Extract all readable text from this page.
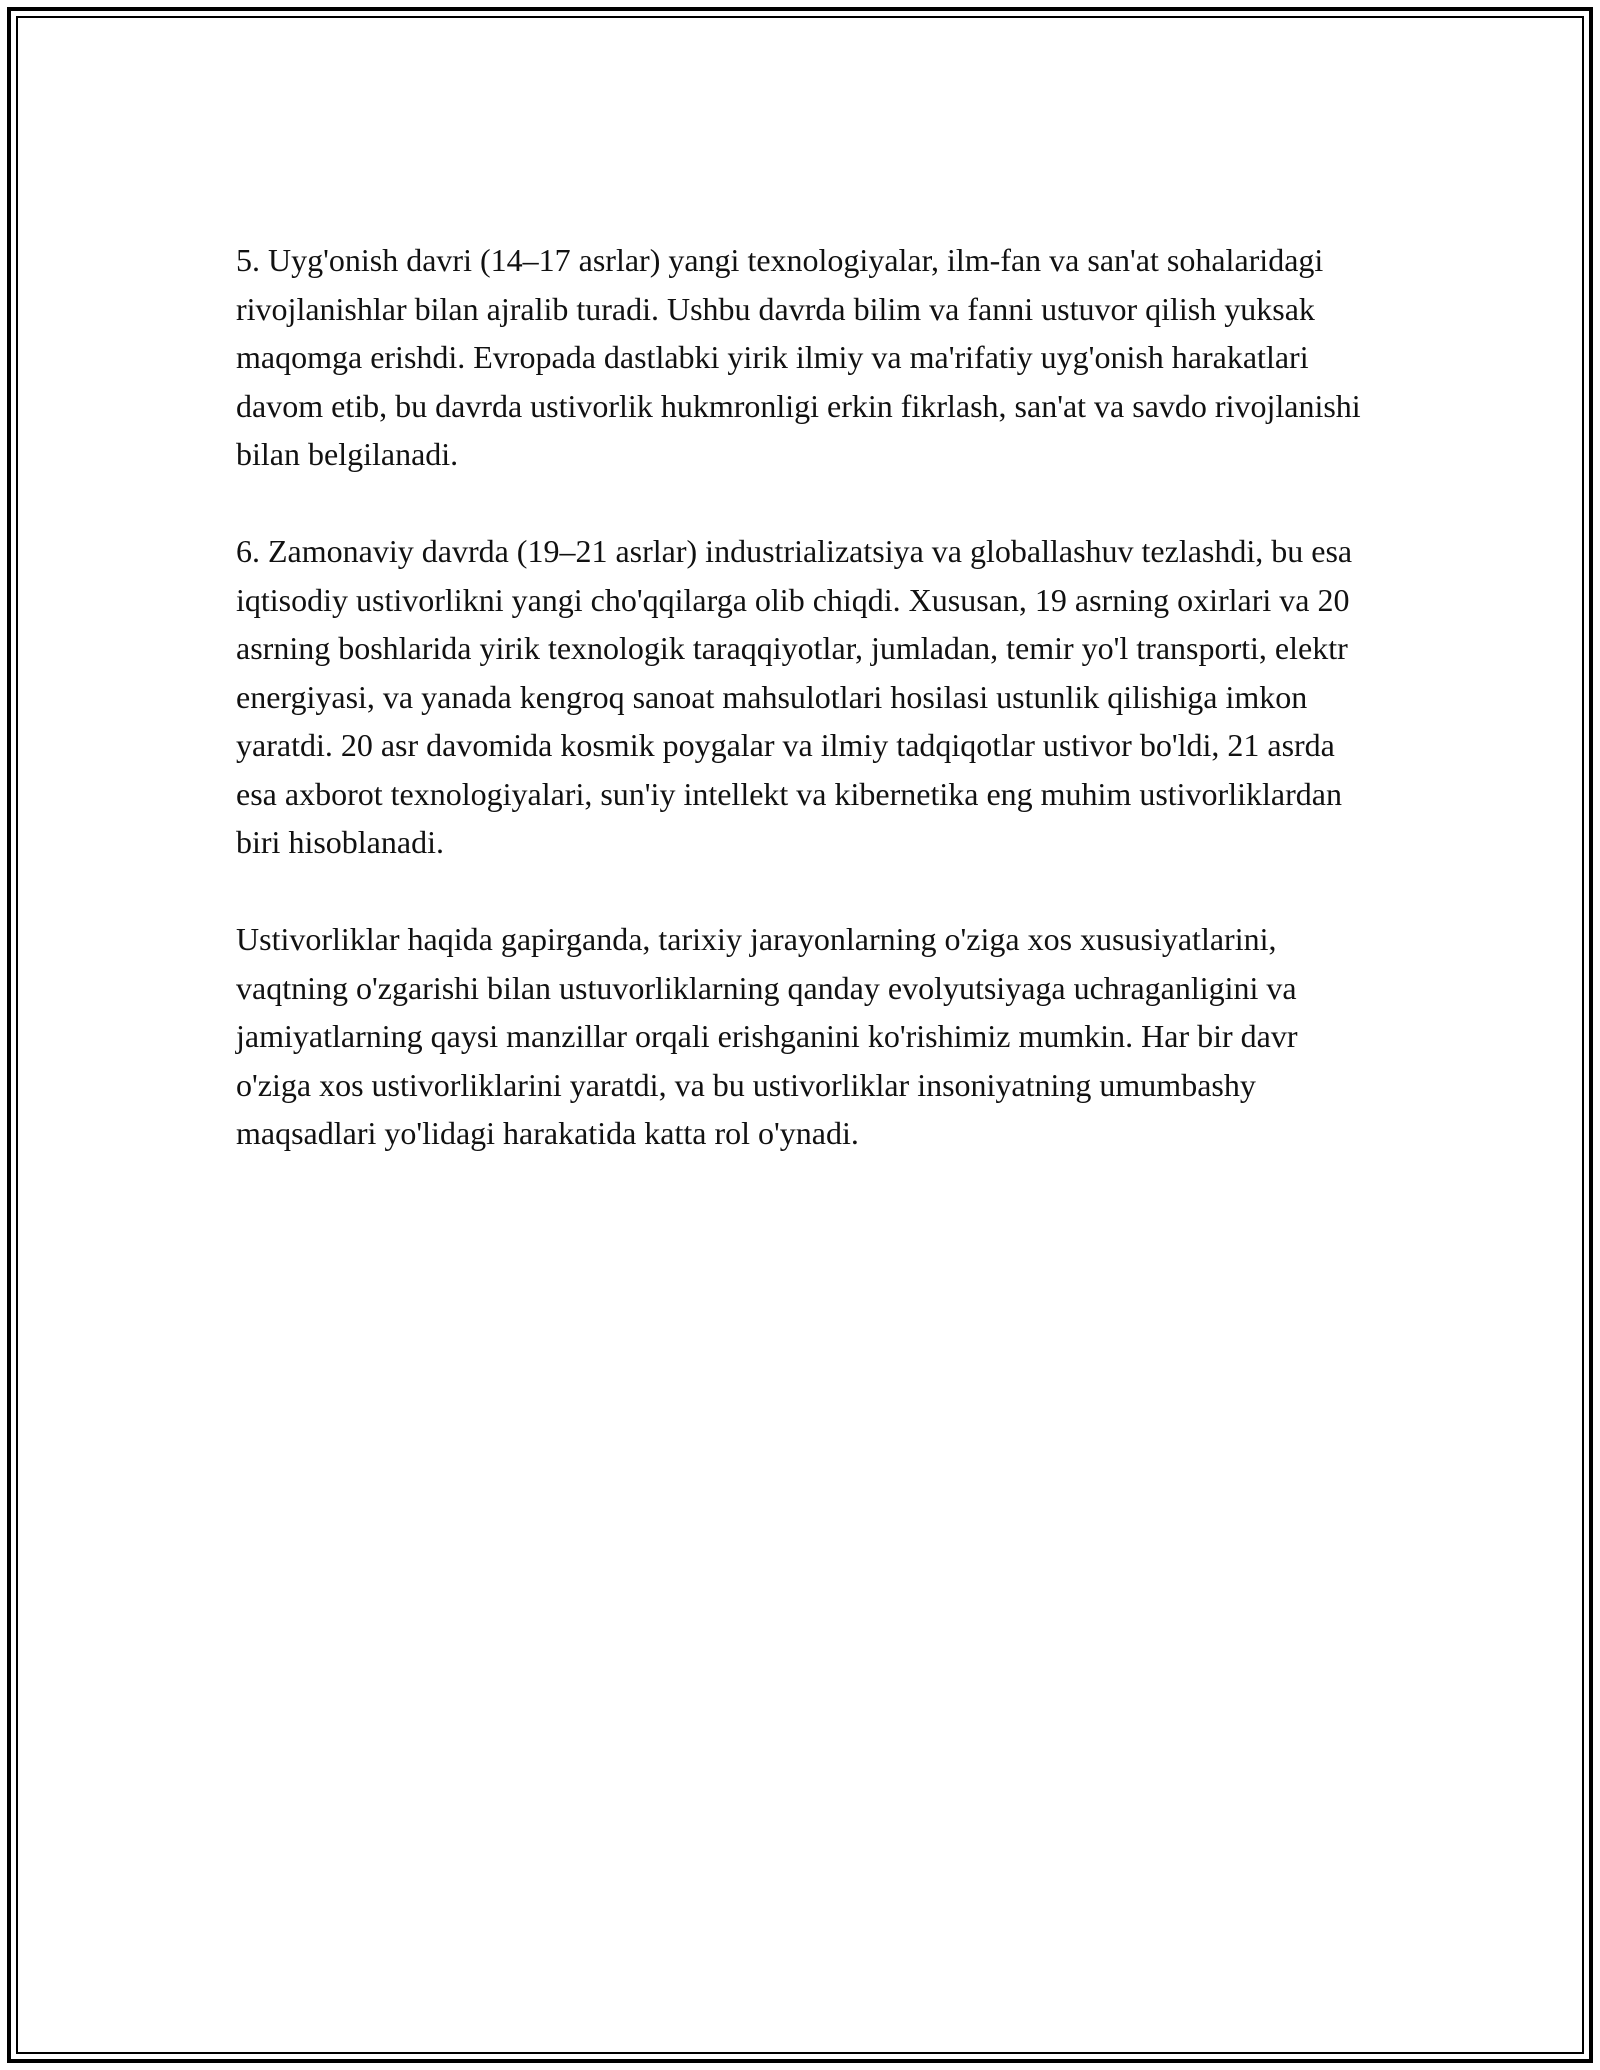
5. Uyg'onish davri (14–17 asrlar) yangi texnologiyalar, ilm-fan va san'at sohalaridagi rivojlanishlar bilan ajralib turadi. Ushbu davrda bilim va fanni ustuvor qilish yuksak maqomga erishdi. Evropada dastlabki yirik ilmiy va ma'rifatiy uyg'onish harakatlari davom etib, bu davrda ustivorlik hukmronligi erkin fikrlash, san'at va savdo rivojlanishi bilan belgilanadi.

6. Zamonaviy davrda (19–21 asrlar) industrializatsiya va globallashuv tezlashdi, bu esa iqtisodiy ustivorlikni yangi cho'qqilarga olib chiqdi. Xususan, 19 asrning oxirlari va 20 asrning boshlarida yirik texnologik taraqqiyotlar, jumladan, temir yo'l transporti, elektr energiyasi, va yanada kengroq sanoat mahsulotlari hosilasi ustunlik qilishiga imkon yaratdi. 20 asr davomida kosmik poygalar va ilmiy tadqiqotlar ustivor bo'ldi, 21 asrda esa axborot texnologiyalari, sun'iy intellekt va kibernetika eng muhim ustivorliklardan biri hisoblanadi.

Ustivorliklar haqida gapirganda, tarixiy jarayonlarning o'ziga xos xususiyatlarini, vaqtning o'zgarishi bilan ustuvorliklarning qanday evolyutsiyaga uchraganligini va jamiyatlarning qaysi manzillar orqali erishganini ko'rishimiz mumkin. Har bir davr o'ziga xos ustivorliklarini yaratdi, va bu ustivorliklar insoniyatning umumbashy maqsadlari yo'lidagi harakatida katta rol o'ynadi.
